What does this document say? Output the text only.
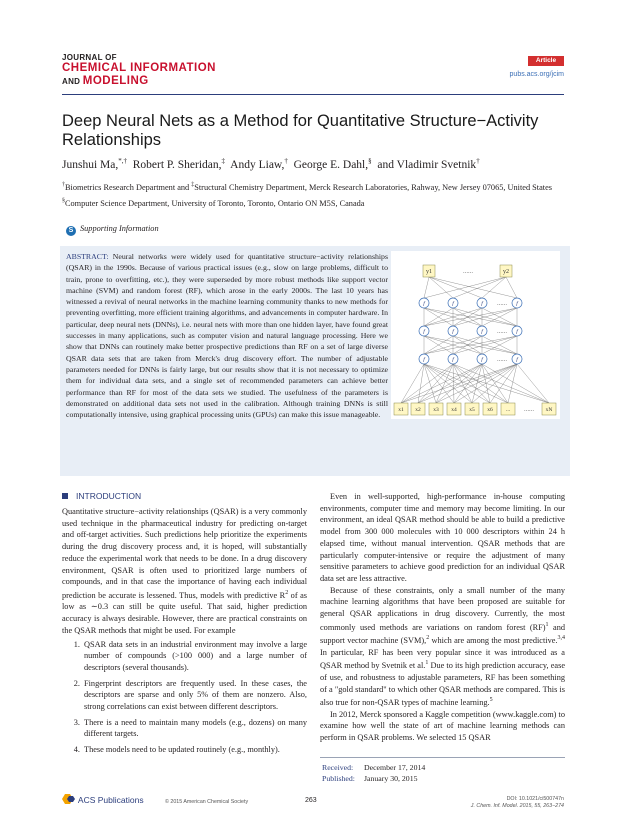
JOURNAL OF
CHEMICAL INFORMATION
AND MODELING
Article
pubs.acs.org/jcim
Deep Neural Nets as a Method for Quantitative Structure−Activity Relationships
Junshui Ma,*,† Robert P. Sheridan,‡ Andy Liaw,† George E. Dahl,§ and Vladimir Svetnik†
†Biometrics Research Department and ‡Structural Chemistry Department, Merck Research Laboratories, Rahway, New Jersey 07065, United States
§Computer Science Department, University of Toronto, Toronto, Ontario ON M5S, Canada
S Supporting Information
ABSTRACT: Neural networks were widely used for quantitative structure−activity relationships (QSAR) in the 1990s. Because of various practical issues (e.g., slow on large problems, difficult to train, prone to overfitting, etc.), they were superseded by more robust methods like support vector machine (SVM) and random forest (RF), which arose in the early 2000s. The last 10 years has witnessed a revival of neural networks in the machine learning community thanks to new methods for preventing overfitting, more efficient training algorithms, and advancements in computer hardware. In particular, deep neural nets (DNNs), i.e. neural nets with more than one hidden layer, have found great successes in many applications, such as computer vision and natural language processing. Here we show that DNNs can routinely make better prospective predictions than RF on a set of large diverse QSAR data sets that are taken from Merck's drug discovery effort. The number of adjustable parameters needed for DNNs is fairly large, but our results show that it is not necessary to optimize them for individual data sets, and a single set of recommended parameters can achieve better performance than RF for most of the data sets we studied. The usefulness of the parameters is demonstrated on additional data sets not used in the calibration. Although training DNNs is still computationally intensive, using graphical processing units (GPUs) can make this issue manageable.
y1	y2
f	f	f	f
f	f	f	f
f	f	f	f
x1 x2 x3 x4 x5 x6 ...	xN
......
......
......
......
......
INTRODUCTION

Quantitative structure−activity relationships (QSAR) is a very commonly used technique in the pharmaceutical industry for predicting on-target and off-target activities. Such predictions help prioritize the experiments during the drug discovery process and, it is hoped, will substantially reduce the experimental work that needs to be done. In a drug discovery environment, QSAR is often used to prioritized large numbers of compounds, and in that case the importance of having each individual prediction be accurate is lessened. Thus, models with predictive $R^2$ of as low as ∼0.3 can still be quite useful. That said, higher prediction accuracy is always desirable. However, there are practical constraints on the QSAR methods that might be used. For example

1. QSAR data sets in an industrial environment may involve a large number of compounds (>100 000) and a large number of descriptors (several thousands).
2. Fingerprint descriptors are frequently used. In these cases, the descriptors are sparse and only 5% of them are nonzero. Also, strong correlations can exist between different descriptors.
3. There is a need to maintain many models (e.g., dozens) on many different targets.
4. These models need to be updated routinely (e.g., monthly).

Even in well-supported, high-performance in-house computing environments, computer time and memory may become limiting. In our environment, an ideal QSAR method should be able to build a predictive model from 300 000 molecules with 10 000 descriptors within 24 h elapsed time, without manual intervention. QSAR methods that are particularly computer-intensive or require the adjustment of many sensitive parameters to achieve good prediction for an individual QSAR data set are less attractive.

Because of these constraints, only a small number of the many machine learning algorithms that have been proposed are suitable for general QSAR applications in drug discovery. Currently, the most commonly used methods are variations on random forest (RF)$^1$ and support vector machine (SVM),$^2$ which are among the most predictive.$^{3,4}$ In particular, RF has been very popular since it was introduced as a QSAR method by Svetnik et al.$^1$ Due to its high prediction accuracy, ease of use, and robustness to adjustable parameters, RF has been something of a "gold standard" to which other QSAR methods are compared. This is also true for non-QSAR types of machine learning.$^5$

In 2012, Merck sponsored a Kaggle competition (www.kaggle.com) to examine how well the state of art of machine learning methods can perform in QSAR problems. We selected 15 QSAR

Received: December 17, 2014
Published: January 30, 2015
ACS Publications	© 2015 American Chemical Society	263	DOI: 10.1021/ci500747n
J. Chem. Inf. Model. 2015, 55, 263−274
